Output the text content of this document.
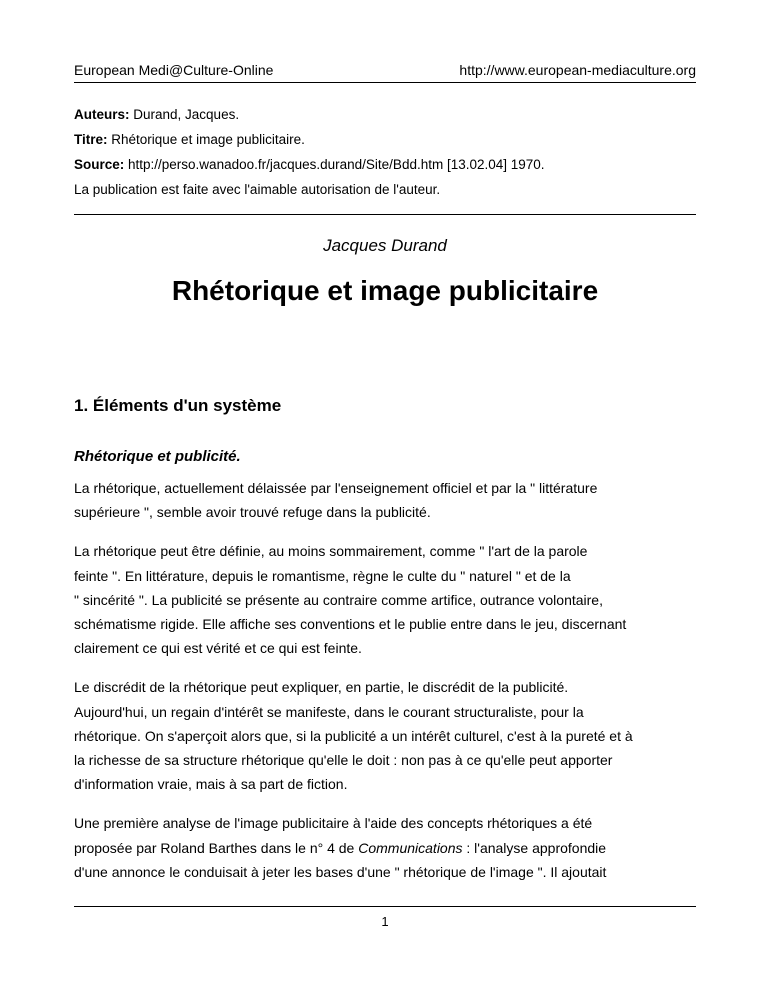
European Medi@Culture-Online	http://www.european-mediaculture.org
Auteurs: Durand, Jacques.
Titre: Rhétorique et image publicitaire.
Source: http://perso.wanadoo.fr/jacques.durand/Site/Bdd.htm [13.02.04] 1970.
La publication est faite avec l'aimable autorisation de l'auteur.
Jacques Durand
Rhétorique et image publicitaire
1. Éléments d'un système
Rhétorique et publicité.

La rhétorique, actuellement délaissée par l'enseignement officiel et par la " littérature
supérieure ", semble avoir trouvé refuge dans la publicité.

La rhétorique peut être définie, au moins sommairement, comme " l'art de la parole
feinte ". En littérature, depuis le romantisme, règne le culte du " naturel " et de la
" sincérité ". La publicité se présente au contraire comme artifice, outrance volontaire,
schématisme rigide. Elle affiche ses conventions et le publie entre dans le jeu, discernant
clairement ce qui est vérité et ce qui est feinte.

Le discrédit de la rhétorique peut expliquer, en partie, le discrédit de la publicité.
Aujourd'hui, un regain d'intérêt se manifeste, dans le courant structuraliste, pour la
rhétorique. On s'aperçoit alors que, si la publicité a un intérêt culturel, c'est à la pureté et à
la richesse de sa structure rhétorique qu'elle le doit : non pas à ce qu'elle peut apporter
d'information vraie, mais à sa part de fiction.

Une première analyse de l'image publicitaire à l'aide des concepts rhétoriques a été
proposée par Roland Barthes dans le n° 4 de Communications : l'analyse approfondie
d'une annonce le conduisait à jeter les bases d'une " rhétorique de l'image ". Il ajoutait

1
